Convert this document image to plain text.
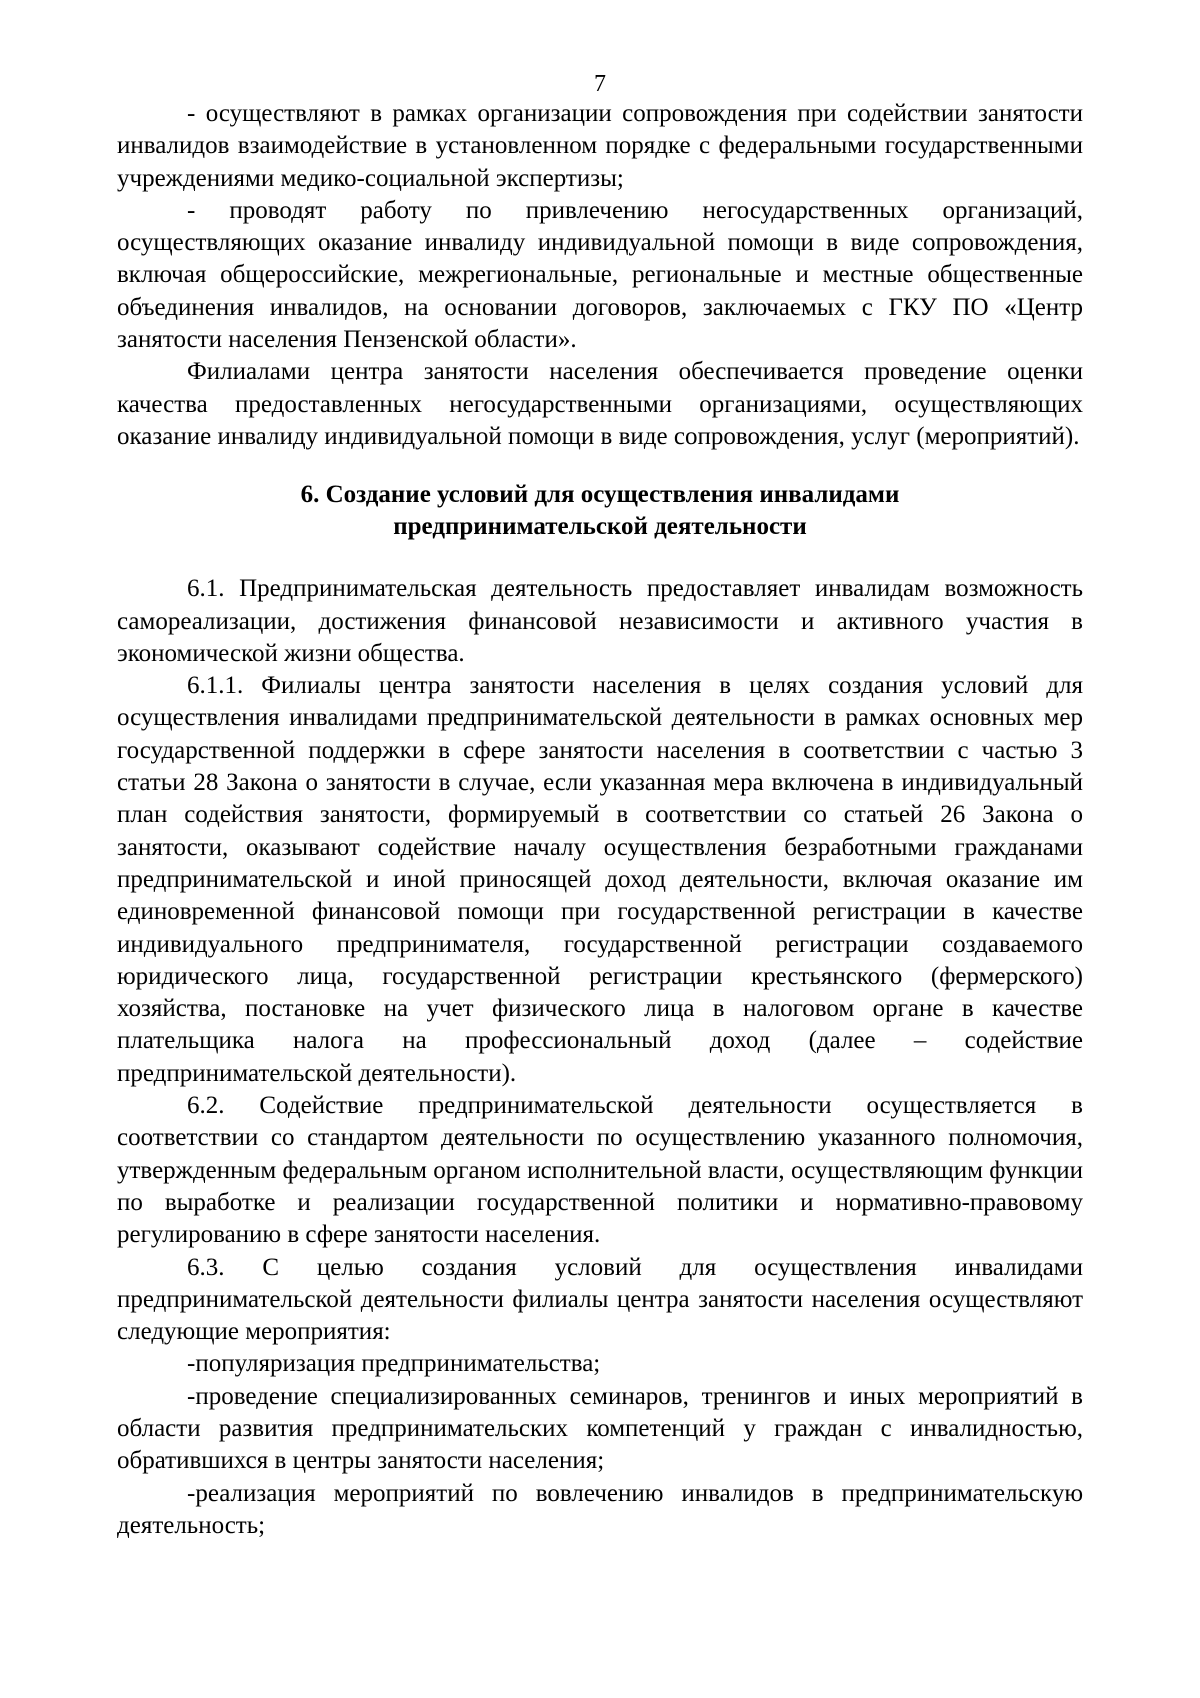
7

- осуществляют в рамках организации сопровождения при содействии занятости инвалидов взаимодействие в установленном порядке с федеральными государственными учреждениями медико-социальной экспертизы;

- проводят работу по привлечению негосударственных организаций, осуществляющих оказание инвалиду индивидуальной помощи в виде сопровождения, включая общероссийские, межрегиональные, региональные и местные общественные объединения инвалидов, на основании договоров, заключаемых с ГКУ ПО «Центр занятости населения Пензенской области».

Филиалами центра занятости населения обеспечивается проведение оценки качества предоставленных негосударственными организациями, осуществляющих оказание инвалиду индивидуальной помощи в виде сопровождения, услуг (мероприятий).

6. Создание условий для осуществления инвалидами
предпринимательской деятельности

6.1. Предпринимательская деятельность предоставляет инвалидам возможность самореализации, достижения финансовой независимости и активного участия в экономической жизни общества.

6.1.1. Филиалы центра занятости населения в целях создания условий для осуществления инвалидами предпринимательской деятельности в рамках основных мер государственной поддержки в сфере занятости населения в соответствии с частью 3 статьи 28 Закона о занятости в случае, если указанная мера включена в индивидуальный план содействия занятости, формируемый в соответствии со статьей 26 Закона о занятости, оказывают содействие началу осуществления безработными гражданами предпринимательской и иной приносящей доход деятельности, включая оказание им единовременной финансовой помощи при государственной регистрации в качестве индивидуального предпринимателя, государственной регистрации создаваемого юридического лица, государственной регистрации крестьянского (фермерского) хозяйства, постановке на учет физического лица в налоговом органе в качестве плательщика налога на профессиональный доход (далее – содействие предпринимательской деятельности).

6.2. Содействие предпринимательской деятельности осуществляется в соответствии со стандартом деятельности по осуществлению указанного полномочия, утвержденным федеральным органом исполнительной власти, осуществляющим функции по выработке и реализации государственной политики и нормативно-правовому регулированию в сфере занятости населения.

6.3. С целью создания условий для осуществления инвалидами предпринимательской деятельности филиалы центра занятости населения осуществляют следующие мероприятия:

-популяризация предпринимательства;

-проведение специализированных семинаров, тренингов и иных мероприятий в области развития предпринимательских компетенций у граждан с инвалидностью, обратившихся в центры занятости населения;

-реализация мероприятий по вовлечению инвалидов в предпринимательскую деятельность;
